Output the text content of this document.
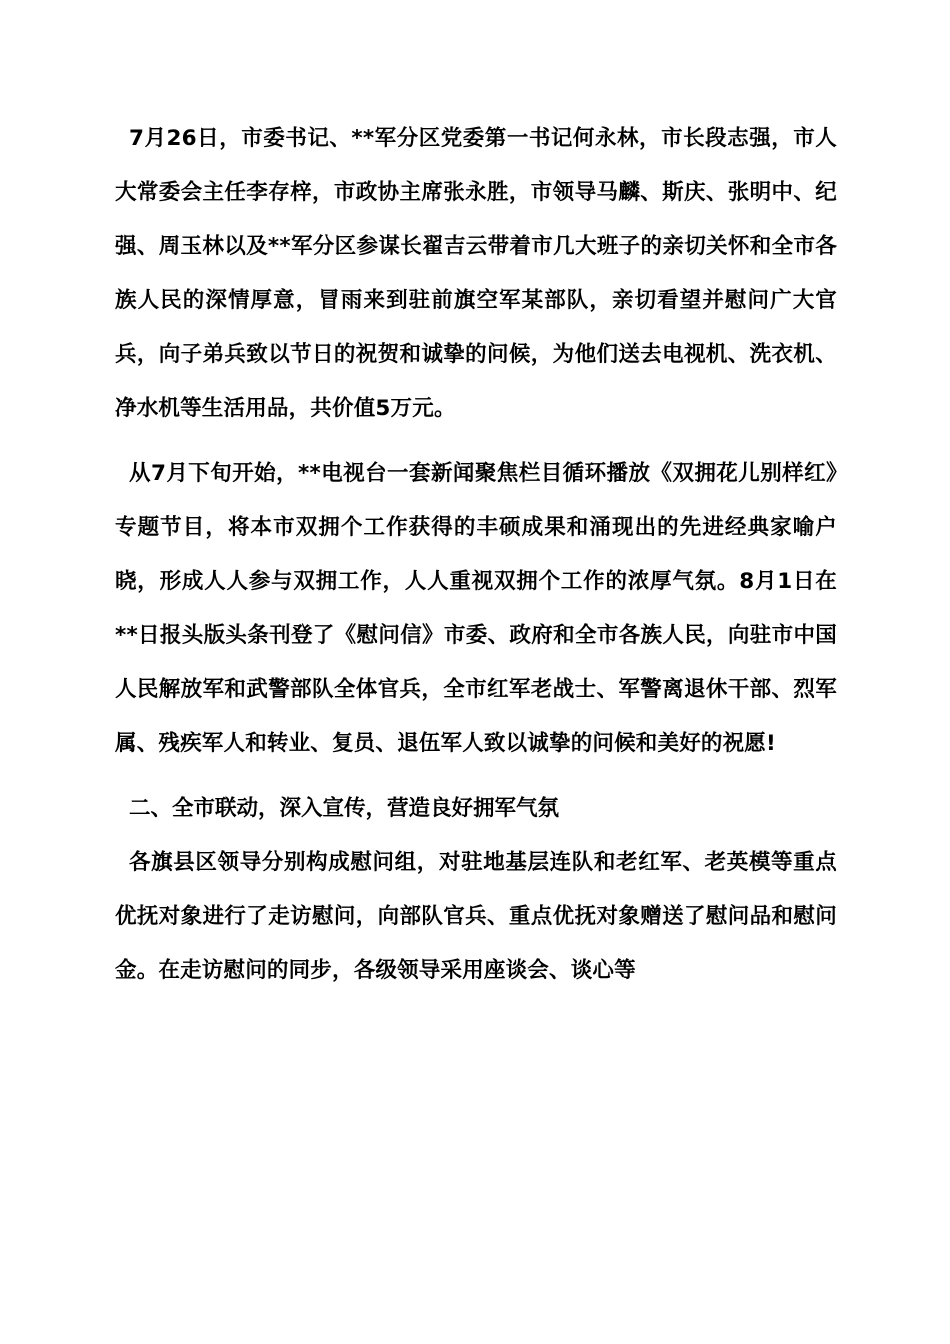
7月26日，市委书记、**军分区党委第一书记何永林，市长段志强，市人大常委会主任李存梓，市政协主席张永胜，市领导马麟、斯庆、张明中、纪强、周玉林以及**军分区参谋长翟吉云带着市几大班子的亲切关怀和全市各族人民的深情厚意，冒雨来到驻前旗空军某部队，亲切看望并慰问广大官兵，向子弟兵致以节日的祝贺和诚挚的问候，为他们送去电视机、洗衣机、净水机等生活用品，共价值5万元。

从7月下旬开始，**电视台一套新闻聚焦栏目循环播放《双拥花儿别样红》专题节目，将本市双拥个工作获得的丰硕成果和涌现出的先进经典家喻户晓，形成人人参与双拥工作，人人重视双拥个工作的浓厚气氛。8月1日在**日报头版头条刊登了《慰问信》市委、政府和全市各族人民，向驻市中国人民解放军和武警部队全体官兵，全市红军老战士、军警离退休干部、烈军属、残疾军人和转业、复员、退伍军人致以诚挚的问候和美好的祝愿!

二、全市联动，深入宣传，营造良好拥军气氛

各旗县区领导分别构成慰问组，对驻地基层连队和老红军、老英模等重点优抚对象进行了走访慰问，向部队官兵、重点优抚对象赠送了慰问品和慰问金。在走访慰问的同步，各级领导采用座谈会、谈心等
